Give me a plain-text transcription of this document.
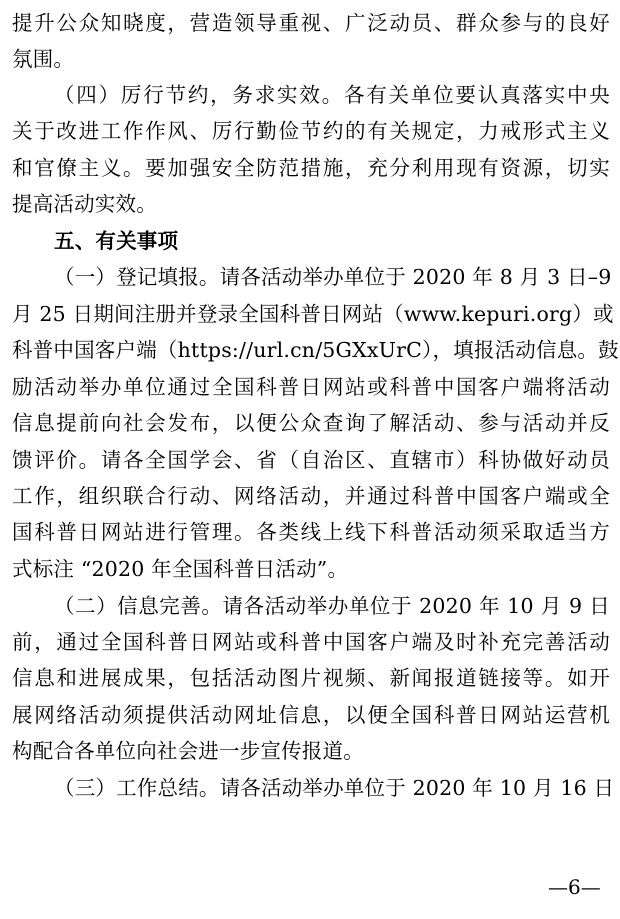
提升公众知晓度，营造领导重视、广泛动员、群众参与的良好
氛围。
（四）厉行节约，务求实效。各有关单位要认真落实中央
关于改进工作作风、厉行勤俭节约的有关规定，力戒形式主义
和官僚主义。要加强安全防范措施，充分利用现有资源，切实
提高活动实效。
五、有关事项
（一）登记填报。请各活动举办单位于 2020 年 8 月 3 日–9
月 25 日期间注册并登录全国科普日网站（www.kepuri.org）或
科普中国客户端（https://url.cn/5GXxUrC），填报活动信息。鼓
励活动举办单位通过全国科普日网站或科普中国客户端将活动
信息提前向社会发布，以便公众查询了解活动、参与活动并反
馈评价。请各全国学会、省（自治区、直辖市）科协做好动员
工作，组织联合行动、网络活动，并通过科普中国客户端或全
国科普日网站进行管理。各类线上线下科普活动须采取适当方
式标注 “2020 年全国科普日活动”。
（二）信息完善。请各活动举办单位于 2020 年 10 月 9 日
前，通过全国科普日网站或科普中国客户端及时补充完善活动
信息和进展成果，包括活动图片视频、新闻报道链接等。如开
展网络活动须提供活动网址信息，以便全国科普日网站运营机
构配合各单位向社会进一步宣传报道。
（三）工作总结。请各活动举办单位于 2020 年 10 月 16 日
—6—
